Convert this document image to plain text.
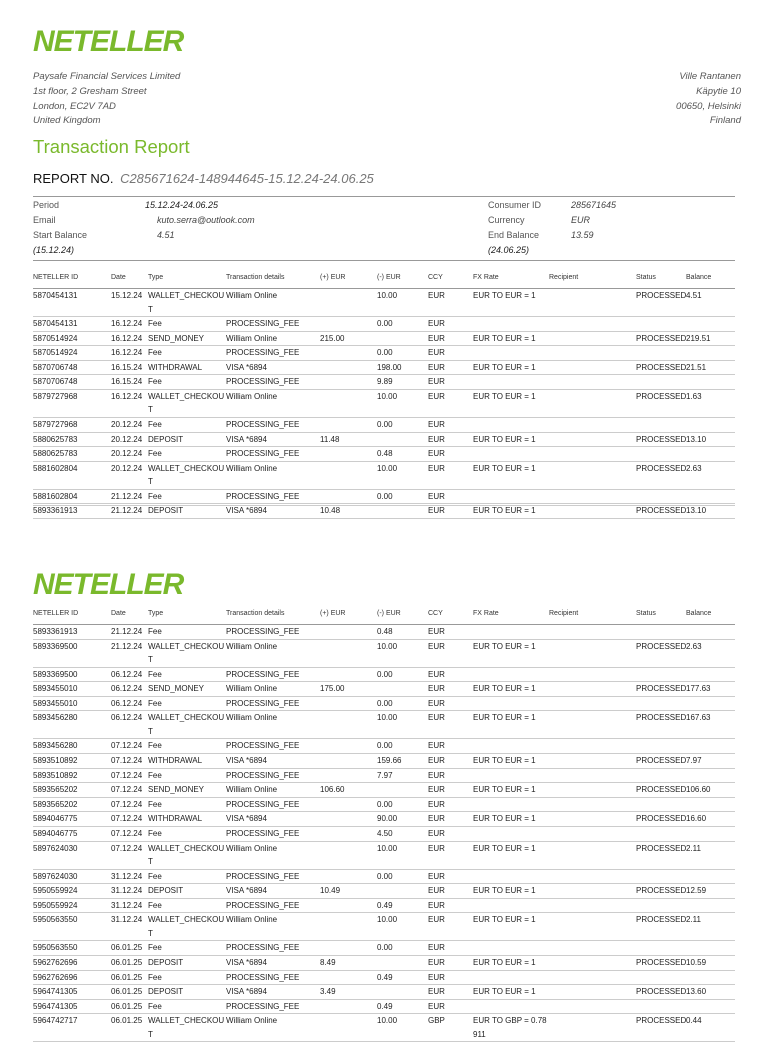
NETELLER
Paysafe Financial Services Limited
1st floor, 2 Gresham Street
London, EC2V 7AD
United Kingdom
Ville Rantanen
Käpytie 10
00650, Helsinki
Finland
Transaction Report
REPORT NO. C285671624-148944645-15.12.24-24.06.25
Period	15.12.24-24.06.25
Email	kuto.serra@outlook.com
Start Balance	4.51
(15.12.24)
Consumer ID	285671645
Currency	EUR
End Balance	13.59
(24.06.25)
NETELLER ID	Date	Type	Transaction details	(+) EUR	(-) EUR	CCY	FX Rate	Recipient	Status	Balance
5870454131	15.12.24	WALLET_CHECKOUT	William Online		10.00	EUR	EUR TO EUR = 1		PROCESSED	4.51
5870454131	16.12.24	Fee	PROCESSING_FEE		0.00	EUR				
5870514924	16.12.24	SEND_MONEY	William Online	215.00		EUR	EUR TO EUR = 1		PROCESSED	219.51
5870514924	16.12.24	Fee	PROCESSING_FEE		0.00	EUR				
5870706748	16.15.24	WITHDRAWAL	VISA *6894		198.00	EUR	EUR TO EUR = 1		PROCESSED	21.51
5870706748	16.15.24	Fee	PROCESSING_FEE		9.89	EUR				
5879727968	16.12.24	WALLET_CHECKOUT	William Online		10.00	EUR	EUR TO EUR = 1		PROCESSED	1.63
5879727968	20.12.24	Fee	PROCESSING_FEE		0.00	EUR				
5880625783	20.12.24	DEPOSIT	VISA *6894	11.48		EUR	EUR TO EUR = 1		PROCESSED	13.10
5880625783	20.12.24	Fee	PROCESSING_FEE		0.48	EUR				
5881602804	20.12.24	WALLET_CHECKOUT	William Online		10.00	EUR	EUR TO EUR = 1		PROCESSED	2.63
5881602804	21.12.24	Fee	PROCESSING_FEE		0.00	EUR				
5893361913	21.12.24	DEPOSIT	VISA *6894	10.48		EUR	EUR TO EUR = 1		PROCESSED	13.10
NETELLER
NETELLER ID	Date	Type	Transaction details	(+) EUR	(-) EUR	CCY	FX Rate	Recipient	Status	Balance
5893361913	21.12.24	Fee	PROCESSING_FEE		0.48	EUR				
5893369500	21.12.24	WALLET_CHECKOUT	William Online		10.00	EUR	EUR TO EUR = 1		PROCESSED	2.63
5893369500	06.12.24	Fee	PROCESSING_FEE		0.00	EUR				
5893455010	06.12.24	SEND_MONEY	William Online	175.00		EUR	EUR TO EUR = 1		PROCESSED	177.63
5893455010	06.12.24	Fee	PROCESSING_FEE		0.00	EUR				
5893456280	06.12.24	WALLET_CHECKOUT	William Online		10.00	EUR	EUR TO EUR = 1		PROCESSED	167.63
5893456280	07.12.24	Fee	PROCESSING_FEE		0.00	EUR				
5893510892	07.12.24	WITHDRAWAL	VISA *6894		159.66	EUR	EUR TO EUR = 1		PROCESSED	7.97
5893510892	07.12.24	Fee	PROCESSING_FEE		7.97	EUR				
5893565202	07.12.24	SEND_MONEY	William Online	106.60		EUR	EUR TO EUR = 1		PROCESSED	106.60
5893565202	07.12.24	Fee	PROCESSING_FEE		0.00	EUR				
5894046775	07.12.24	WITHDRAWAL	VISA *6894		90.00	EUR	EUR TO EUR = 1		PROCESSED	16.60
5894046775	07.12.24	Fee	PROCESSING_FEE		4.50	EUR				
5897624030	07.12.24	WALLET_CHECKOUT	William Online		10.00	EUR	EUR TO EUR = 1		PROCESSED	2.11
5897624030	31.12.24	Fee	PROCESSING_FEE		0.00	EUR				
5950559924	31.12.24	DEPOSIT	VISA *6894	10.49		EUR	EUR TO EUR = 1		PROCESSED	12.59
5950559924	31.12.24	Fee	PROCESSING_FEE		0.49	EUR				
5950563550	31.12.24	WALLET_CHECKOUT	William Online		10.00	EUR	EUR TO EUR = 1		PROCESSED	2.11
5950563550	06.01.25	Fee	PROCESSING_FEE		0.00	EUR				
5962762696	06.01.25	DEPOSIT	VISA *6894	8.49		EUR	EUR TO EUR = 1		PROCESSED	10.59
5962762696	06.01.25	Fee	PROCESSING_FEE		0.49	EUR				
5964741305	06.01.25	DEPOSIT	VISA *6894	3.49		EUR	EUR TO EUR = 1		PROCESSED	13.60
5964741305	06.01.25	Fee	PROCESSING_FEE		0.49	EUR				
5964742717	06.01.25	WALLET_CHECKOUT	William Online		10.00	GBP	EUR TO GBP = 0.78911		PROCESSED	0.44
